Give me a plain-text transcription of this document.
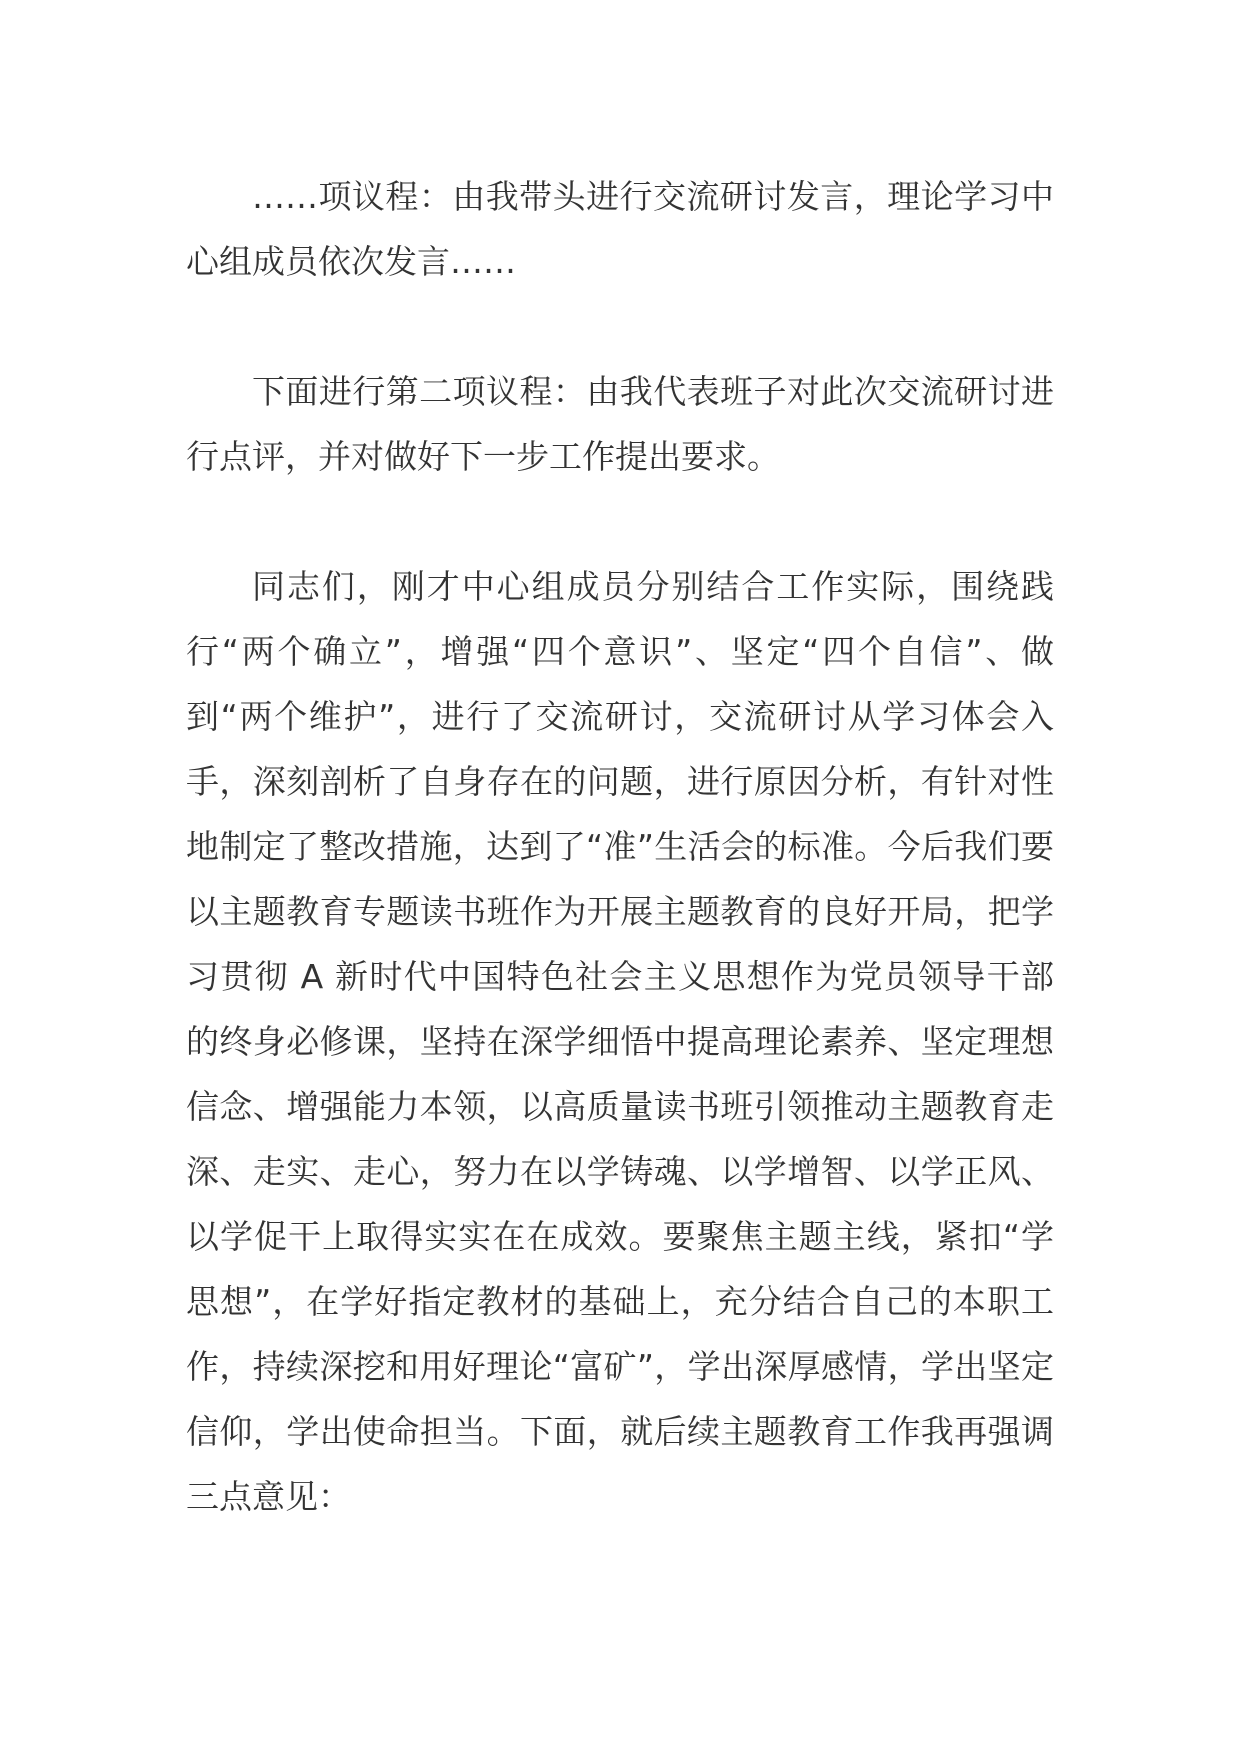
……项议程：由我带头进行交流研讨发言，理论学习中心组成员依次发言……

下面进行第二项议程：由我代表班子对此次交流研讨进行点评，并对做好下一步工作提出要求。

同志们，刚才中心组成员分别结合工作实际，围绕践行“两个确立”，增强“四个意识”、坚定“四个自信”、做到“两个维护”，进行了交流研讨，交流研讨从学习体会入手，深刻剖析了自身存在的问题，进行原因分析，有针对性地制定了整改措施，达到了“准”生活会的标准。今后我们要以主题教育专题读书班作为开展主题教育的良好开局，把学习贯彻 A 新时代中国特色社会主义思想作为党员领导干部的终身必修课，坚持在深学细悟中提高理论素养、坚定理想信念、增强能力本领，以高质量读书班引领推动主题教育走深、走实、走心，努力在以学铸魂、以学增智、以学正风、以学促干上取得实实在在成效。要聚焦主题主线，紧扣“学思想”，在学好指定教材的基础上，充分结合自己的本职工作，持续深挖和用好理论“富矿”，学出深厚感情，学出坚定信仰，学出使命担当。下面，就后续主题教育工作我再强调三点意见：
